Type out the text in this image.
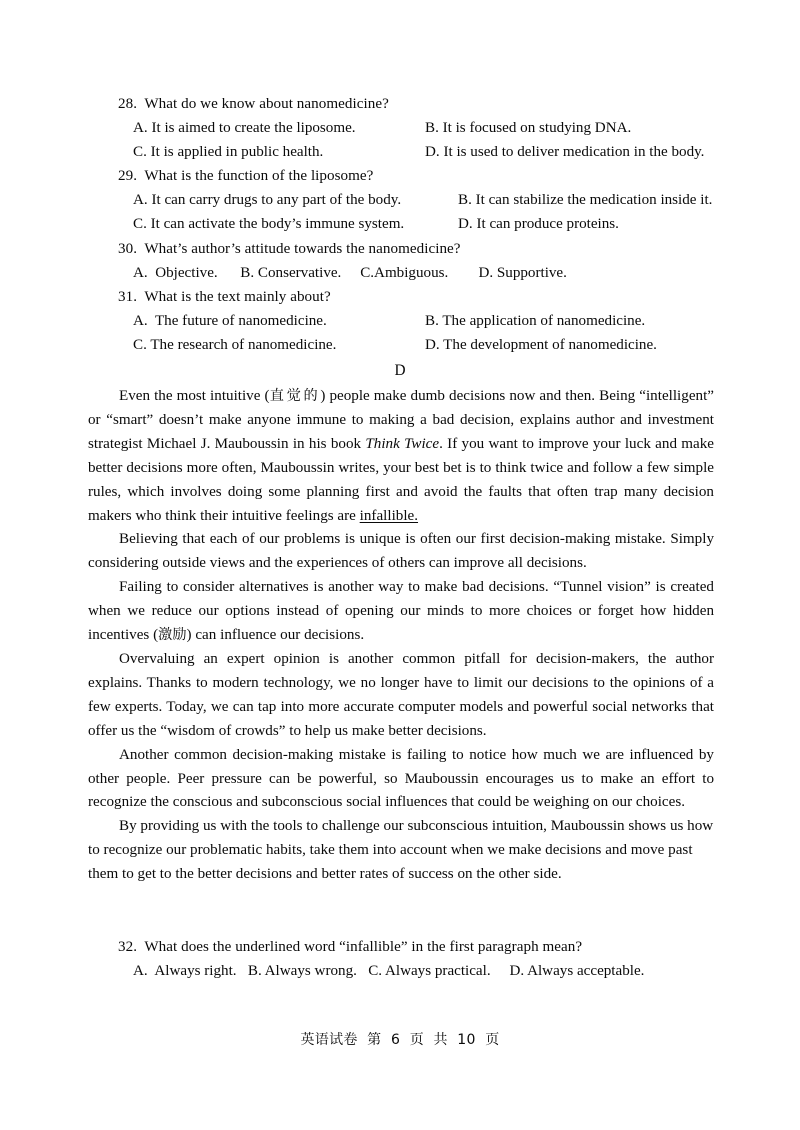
28.  What do we know about nanomedicine?

A. It is aimed to create the liposome.

	B. It is focused on studying DNA.

C. It is applied in public health.

	D. It is used to deliver medication in the body.

29.  What is the function of the liposome?

A. It can carry drugs to any part of the body.

	B. It can stabilize the medication inside it.

C. It can activate the body’s immune system.

	D. It can produce proteins.

30.  What’s author’s attitude towards the nanomedicine?

A.  Objective.      B. Conservative.     C.Ambiguous.        D. Supportive.

31.  What is the text mainly about?

A.  The future of nanomedicine.

	B. The application of nanomedicine.

C. The research of nanomedicine.

	D. The development of nanomedicine.

D

Even the most intuitive (直觉的) people make dumb decisions now and then. Being “intelligent” or “smart” doesn’t make anyone immune to making a bad decision, explains author and investment strategist Michael J. Mauboussin in his book Think Twice. If you want to improve your luck and make better decisions more often, Mauboussin writes, your best bet is to think twice and follow a few simple rules, which involves doing some planning first and avoid the faults that often trap many decision makers who think their intuitive feelings are infallible.

Believing that each of our problems is unique is often our first decision-making mistake. Simply considering outside views and the experiences of others can improve all decisions.

Failing to consider alternatives is another way to make bad decisions. “Tunnel vision” is created when we reduce our options instead of opening our minds to more choices or forget how hidden incentives (激励) can influence our decisions.

Overvaluing an expert opinion is another common pitfall for decision-makers, the author explains. Thanks to modern technology, we no longer have to limit our decisions to the opinions of a few experts. Today, we can tap into more accurate computer models and powerful social networks that offer us the “wisdom of crowds” to help us make better decisions.

Another common decision-making mistake is failing to notice how much we are influenced by other people. Peer pressure can be powerful, so Mauboussin encourages us to make an effort to recognize the conscious and subconscious social influences that could be weighing on our choices.

By providing us with the tools to challenge our subconscious intuition, Mauboussin shows us how to recognize our problematic habits, take them into account when we make decisions and move past them to get to the better decisions and better rates of success on the other side.

32.  What does the underlined word “infallible” in the first paragraph mean?

A.  Always right.   B. Always wrong.   C. Always practical.     D. Always acceptable.

英语试卷  第  6  页  共  10  页
